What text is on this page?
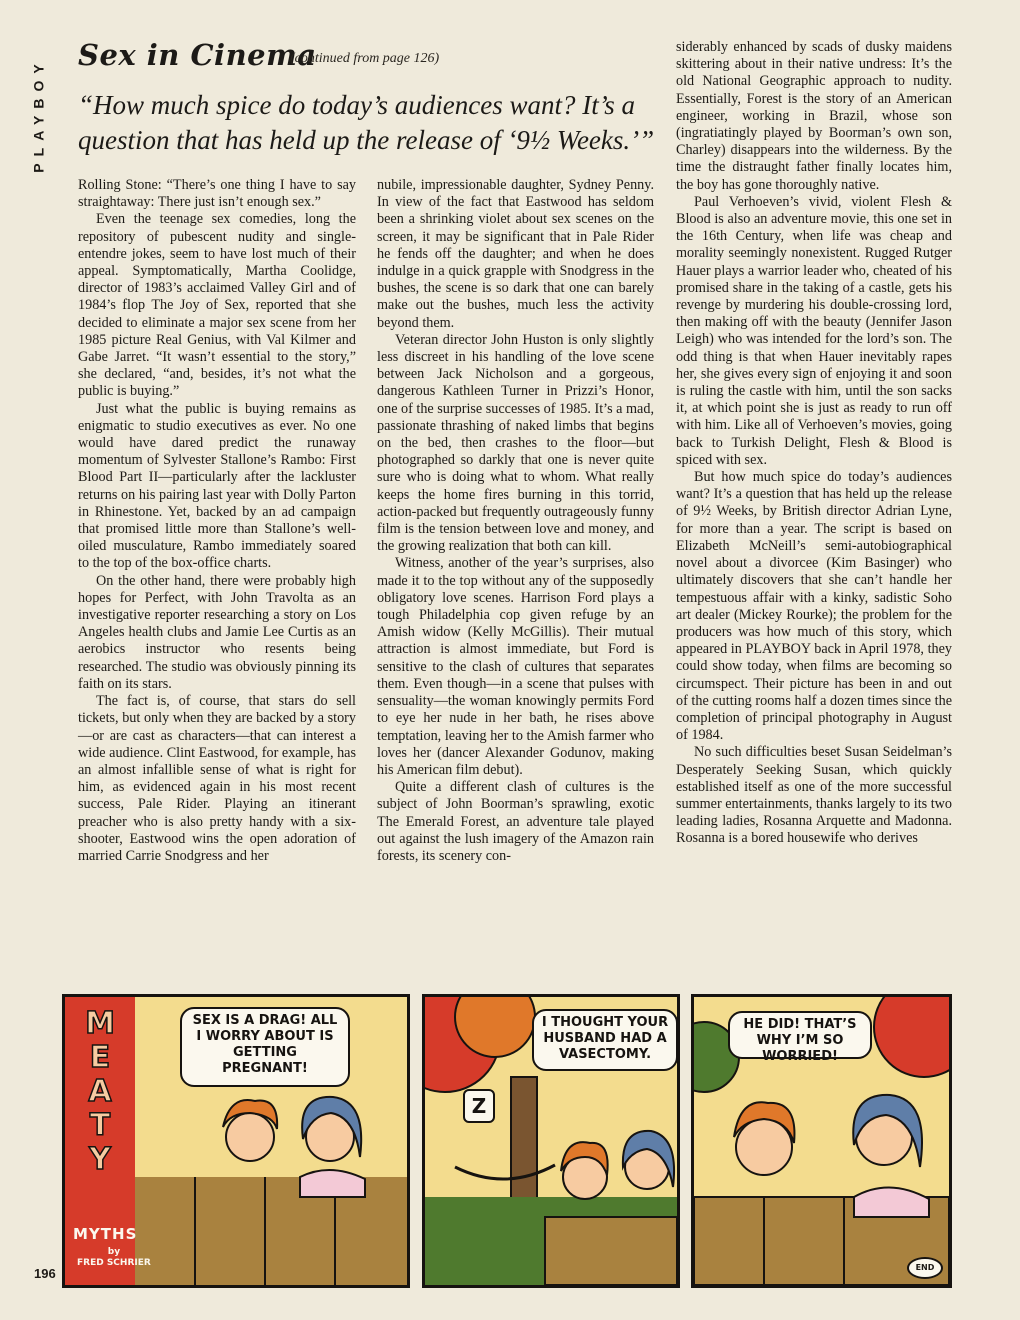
PLAYBOY
Sex in Cinema
(continued from page 126)
“How much spice do today’s audiences want? It’s a question that has held up the release of ‘9½ Weeks.’”

Rolling Stone: “There’s one thing I have to say straightaway: There just isn’t enough sex.”

Even the teenage sex comedies, long the repository of pubescent nudity and single-entendre jokes, seem to have lost much of their appeal. Symptomatically, Martha Coolidge, director of 1983’s acclaimed Valley Girl and of 1984’s flop The Joy of Sex, reported that she decided to eliminate a major sex scene from her 1985 picture Real Genius, with Val Kilmer and Gabe Jarret. “It wasn’t essential to the story,” she declared, “and, besides, it’s not what the public is buying.”

Just what the public is buying remains as enigmatic to studio executives as ever. No one would have dared predict the runaway momentum of Sylvester Stallone’s Rambo: First Blood Part II—particularly after the lackluster returns on his pairing last year with Dolly Parton in Rhinestone. Yet, backed by an ad campaign that promised little more than Stallone’s well-oiled musculature, Rambo immediately soared to the top of the box-office charts.

On the other hand, there were probably high hopes for Perfect, with John Travolta as an investigative reporter researching a story on Los Angeles health clubs and Jamie Lee Curtis as an aerobics instructor who resents being researched. The studio was obviously pinning its faith on its stars.

The fact is, of course, that stars do sell tickets, but only when they are backed by a story—or are cast as characters—that can interest a wide audience. Clint Eastwood, for example, has an almost infallible sense of what is right for him, as evidenced again in his most recent success, Pale Rider. Playing an itinerant preacher who is also pretty handy with a six-shooter, Eastwood wins the open adoration of married Carrie Snodgress and her

nubile, impressionable daughter, Sydney Penny. In view of the fact that Eastwood has seldom been a shrinking violet about sex scenes on the screen, it may be significant that in Pale Rider he fends off the daughter; and when he does indulge in a quick grapple with Snodgress in the bushes, the scene is so dark that one can barely make out the bushes, much less the activity beyond them.

Veteran director John Huston is only slightly less discreet in his handling of the love scene between Jack Nicholson and a gorgeous, dangerous Kathleen Turner in Prizzi’s Honor, one of the surprise successes of 1985. It’s a mad, passionate thrashing of naked limbs that begins on the bed, then crashes to the floor—but photographed so darkly that one is never quite sure who is doing what to whom. What really keeps the home fires burning in this torrid, action-packed but frequently outrageously funny film is the tension between love and money, and the growing realization that both can kill.

Witness, another of the year’s surprises, also made it to the top without any of the supposedly obligatory love scenes. Harrison Ford plays a tough Philadelphia cop given refuge by an Amish widow (Kelly McGillis). Their mutual attraction is almost immediate, but Ford is sensitive to the clash of cultures that separates them. Even though—in a scene that pulses with sensuality—the woman knowingly permits Ford to eye her nude in her bath, he rises above temptation, leaving her to the Amish farmer who loves her (dancer Alexander Godunov, making his American film debut).

Quite a different clash of cultures is the subject of John Boorman’s sprawling, exotic The Emerald Forest, an adventure tale played out against the lush imagery of the Amazon rain forests, its scenery con-

siderably enhanced by scads of dusky maidens skittering about in their native undress: It’s the old National Geographic approach to nudity. Essentially, Forest is the story of an American engineer, working in Brazil, whose son (ingratiatingly played by Boorman’s own son, Charley) disappears into the wilderness. By the time the distraught father finally locates him, the boy has gone thoroughly native.

Paul Verhoeven’s vivid, violent Flesh & Blood is also an adventure movie, this one set in the 16th Century, when life was cheap and morality seemingly nonexistent. Rugged Rutger Hauer plays a warrior leader who, cheated of his promised share in the taking of a castle, gets his revenge by murdering his double-crossing lord, then making off with the beauty (Jennifer Jason Leigh) who was intended for the lord’s son. The odd thing is that when Hauer inevitably rapes her, she gives every sign of enjoying it and soon is ruling the castle with him, until the son sacks it, at which point she is just as ready to run off with him. Like all of Verhoeven’s movies, going back to Turkish Delight, Flesh & Blood is spiced with sex.

But how much spice do today’s audiences want? It’s a question that has held up the release of 9½ Weeks, by British director Adrian Lyne, for more than a year. The script is based on Elizabeth McNeill’s semi-autobiographical novel about a divorcee (Kim Basinger) who ultimately discovers that she can’t handle her tempestuous affair with a kinky, sadistic Soho art dealer (Mickey Rourke); the problem for the producers was how much of this story, which appeared in PLAYBOY back in April 1978, they could show today, when films are becoming so circumspect. Their picture has been in and out of the cutting rooms half a dozen times since the completion of principal photography in August of 1984.

No such difficulties beset Susan Seidelman’s Desperately Seeking Susan, which quickly established itself as one of the more successful summer entertainments, thanks largely to its two leading ladies, Rosanna Arquette and Madonna. Rosanna is a bored housewife who derives

M
E
A
T
Y
MYTHS
by
FRED SCHRIER
SEX IS A DRAG! ALL I WORRY ABOUT IS GETTING PREGNANT!
Z
I THOUGHT YOUR HUSBAND HAD A VASECTOMY.
HE DID! THAT’S WHY I’M SO WORRIED!
END
196
